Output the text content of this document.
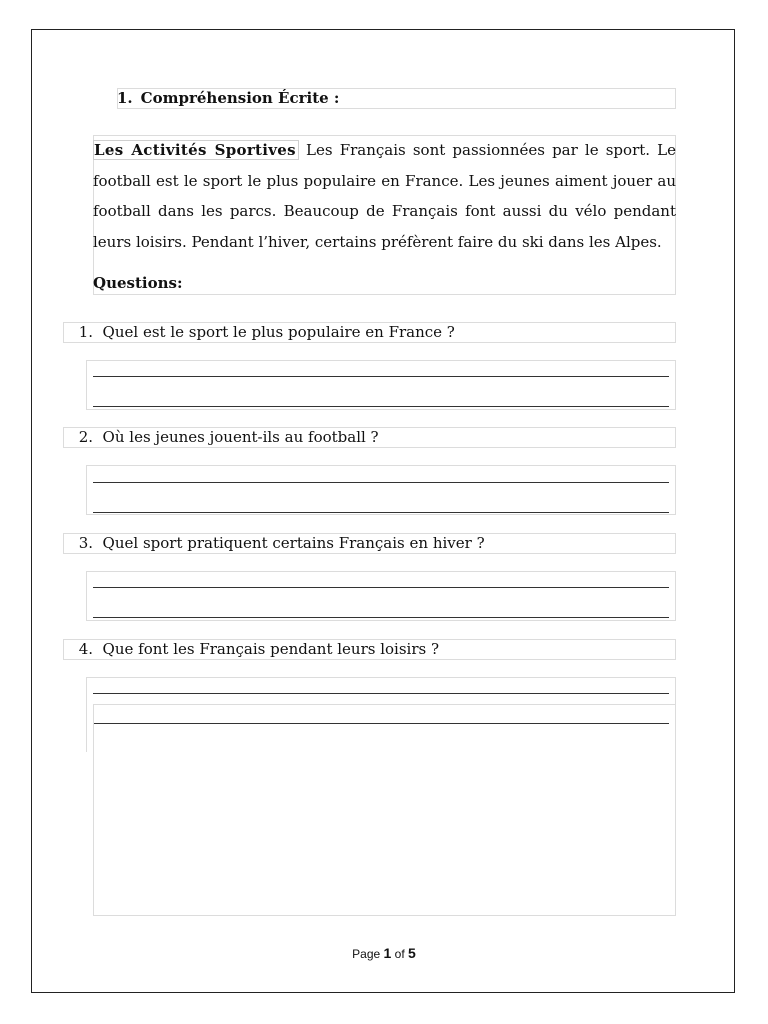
1. Compréhension Écrite :

Les Activités Sportives Les Français sont passionnées par le sport. Le football est le sport le plus populaire en France. Les jeunes aiment jouer au football dans les parcs. Beaucoup de Français font aussi du vélo pendant leurs loisirs. Pendant l’hiver, certains préfèrent faire du ski dans les Alpes.

Questions:
1. Quel est le sport le plus populaire en France ?
2. Où les jeunes jouent-ils au football ?
3. Quel sport pratiquent certains Français en hiver ?
4. Que font les Français pendant leurs loisirs ?
Page 1 of 5
